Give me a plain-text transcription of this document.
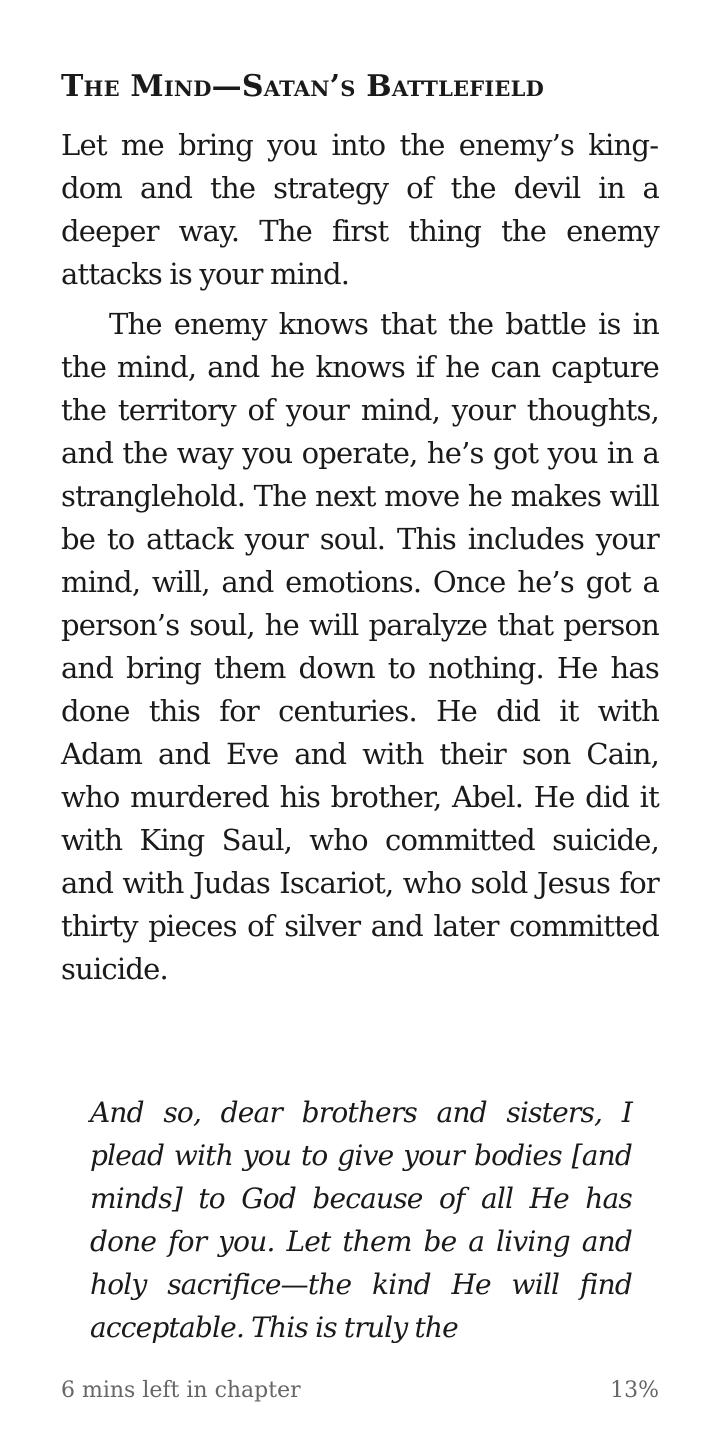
The Mind—Satan’s Battlefield

Let me bring you into the enemy’s kingdom and the strategy of the devil in a deeper way. The first thing the enemy attacks is your mind.

The enemy knows that the battle is in the mind, and he knows if he can capture the territory of your mind, your thoughts, and the way you operate, he’s got you in a stranglehold. The next move he makes will be to attack your soul. This includes your mind, will, and emotions. Once he’s got a person’s soul, he will paralyze that person and bring them down to nothing. He has done this for centuries. He did it with Adam and Eve and with their son Cain, who murdered his brother, Abel. He did it with King Saul, who committed suicide, and with Judas Iscariot, who sold Jesus for thirty pieces of silver and later committed suicide.

And so, dear brothers and sisters, I plead with you to give your bodies [and minds] to God because of all He has done for you. Let them be a living and holy sacrifice—the kind He will find acceptable. This is truly the

6 mins left in chapter	13%
